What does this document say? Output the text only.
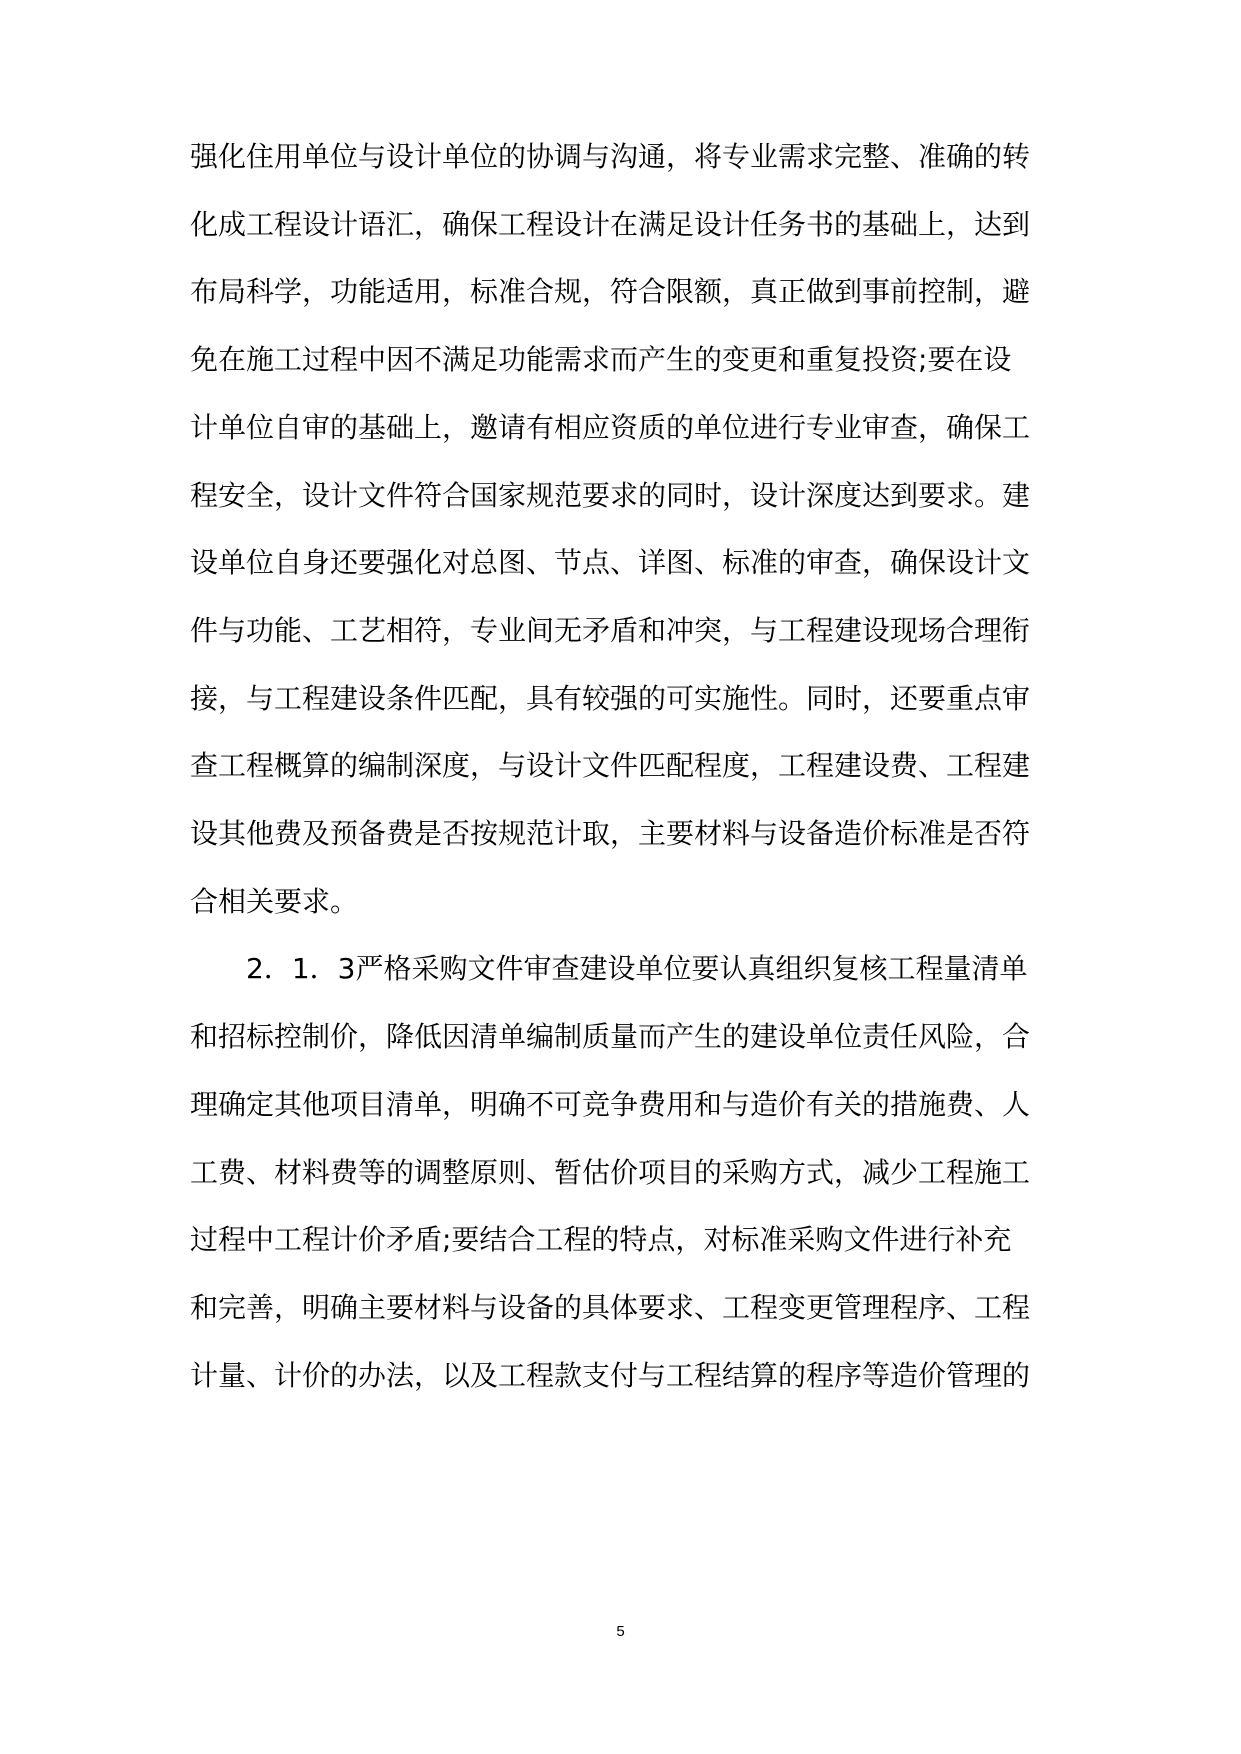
强化住用单位与设计单位的协调与沟通，将专业需求完整、准确的转
化成工程设计语汇，确保工程设计在满足设计任务书的基础上，达到
布局科学，功能适用，标准合规，符合限额，真正做到事前控制，避
免在施工过程中因不满足功能需求而产生的变更和重复投资;要在设
计单位自审的基础上，邀请有相应资质的单位进行专业审查，确保工
程安全，设计文件符合国家规范要求的同时，设计深度达到要求。建
设单位自身还要强化对总图、节点、详图、标准的审查，确保设计文
件与功能、工艺相符，专业间无矛盾和冲突，与工程建设现场合理衔
接，与工程建设条件匹配，具有较强的可实施性。同时，还要重点审
查工程概算的编制深度，与设计文件匹配程度，工程建设费、工程建
设其他费及预备费是否按规范计取，主要材料与设备造价标准是否符
合相关要求。
2．1．3严格采购文件审查建设单位要认真组织复核工程量清单
和招标控制价，降低因清单编制质量而产生的建设单位责任风险，合
理确定其他项目清单，明确不可竞争费用和与造价有关的措施费、人
工费、材料费等的调整原则、暂估价项目的采购方式，减少工程施工
过程中工程计价矛盾;要结合工程的特点，对标准采购文件进行补充
和完善，明确主要材料与设备的具体要求、工程变更管理程序、工程
计量、计价的办法，以及工程款支付与工程结算的程序等造价管理的
5
